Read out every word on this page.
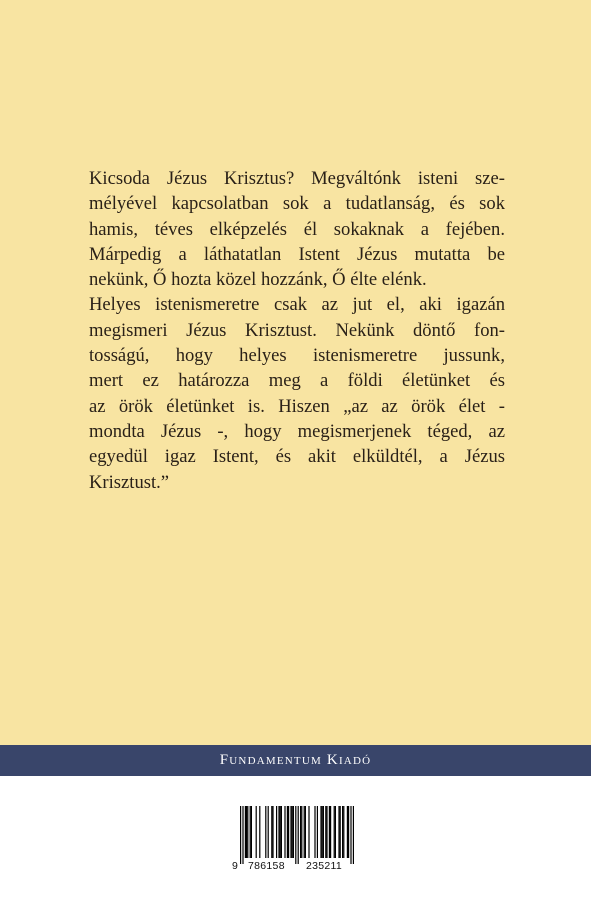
Kicsoda Jézus Krisztus? Megváltónk isteni sze-
mélyével kapcsolatban sok a tudatlanság, és sok
hamis, téves elképzelés él sokaknak a fejében.
Márpedig a láthatatlan Istent Jézus mutatta be
nekünk, Ő hozta közel hozzánk, Ő élte elénk.
Helyes istenismeretre csak az jut el, aki igazán
megismeri Jézus Krisztust. Nekünk döntő fon-
tosságú, hogy helyes istenismeretre jussunk,
mert ez határozza meg a földi életünket és
az örök életünket is. Hiszen „az az örök élet -
mondta Jézus -, hogy megismerjenek téged, az
egyedül igaz Istent, és akit elküldtél, a Jézus
Krisztust.”
Fundamentum Kiadó
9 786158 235211
